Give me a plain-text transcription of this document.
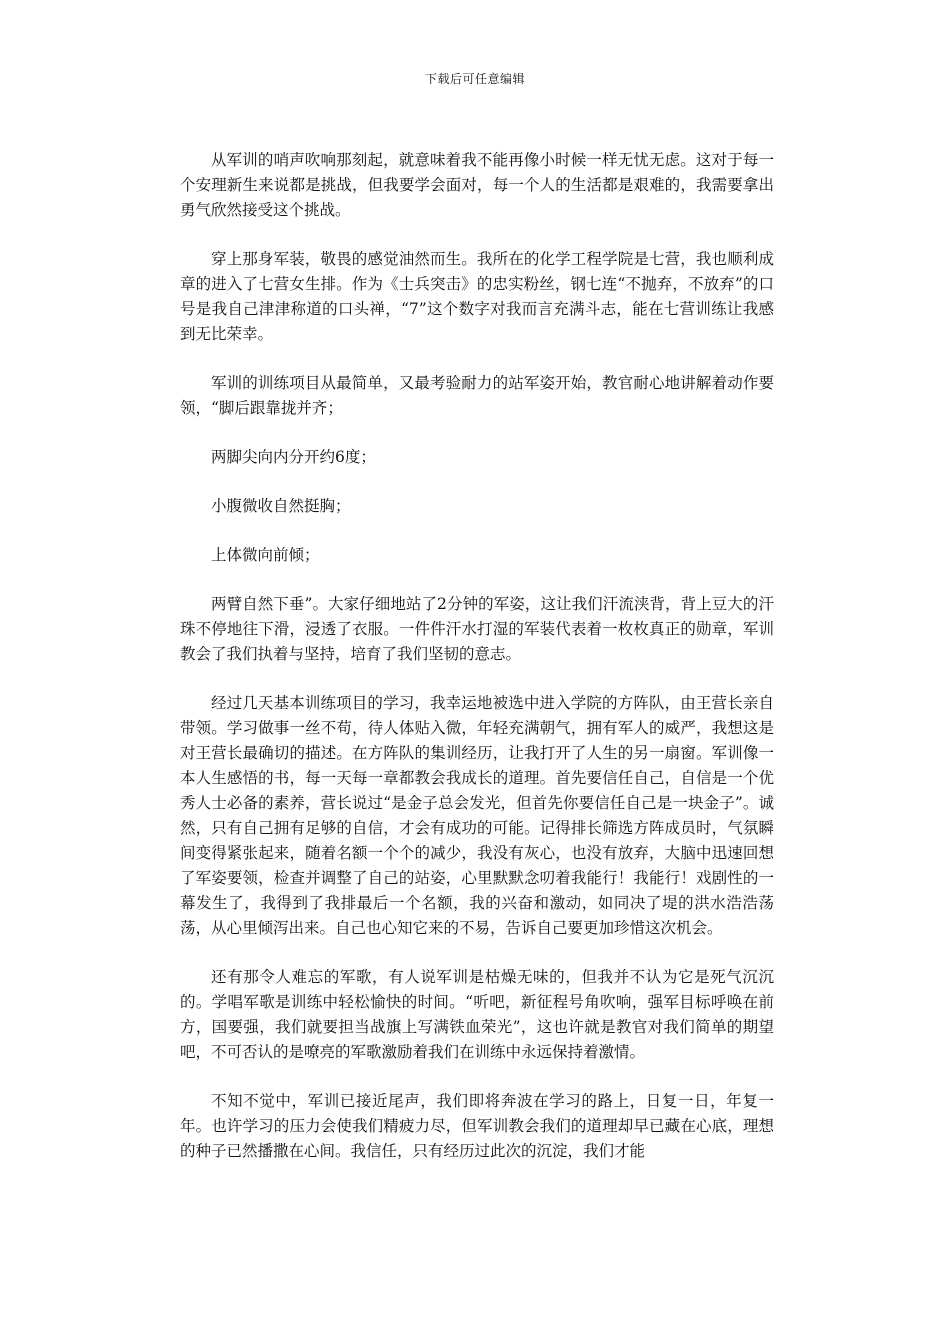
下载后可任意编辑

从军训的哨声吹响那刻起，就意味着我不能再像小时候一样无忧无虑。这对于每一个安理新生来说都是挑战，但我要学会面对，每一个人的生活都是艰难的，我需要拿出勇气欣然接受这个挑战。

穿上那身军装，敬畏的感觉油然而生。我所在的化学工程学院是七营，我也顺利成章的进入了七营女生排。作为《士兵突击》的忠实粉丝，钢七连“不抛弃，不放弃”的口号是我自己津津称道的口头禅，“7”这个数字对我而言充满斗志，能在七营训练让我感到无比荣幸。

军训的训练项目从最简单，又最考验耐力的站军姿开始，教官耐心地讲解着动作要领，“脚后跟靠拢并齐；

两脚尖向内分开约6度；

小腹微收自然挺胸；

上体微向前倾；

两臂自然下垂”。大家仔细地站了2分钟的军姿，这让我们汗流浃背，背上豆大的汗珠不停地往下滑，浸透了衣服。一件件汗水打湿的军装代表着一枚枚真正的勋章，军训教会了我们执着与坚持，培育了我们坚韧的意志。

经过几天基本训练项目的学习，我幸运地被选中进入学院的方阵队，由王营长亲自带领。学习做事一丝不苟，待人体贴入微，年轻充满朝气，拥有军人的威严，我想这是对王营长最确切的描述。在方阵队的集训经历，让我打开了人生的另一扇窗。军训像一本人生感悟的书，每一天每一章都教会我成长的道理。首先要信任自己，自信是一个优秀人士必备的素养，营长说过“是金子总会发光，但首先你要信任自己是一块金子”。诚然，只有自己拥有足够的自信，才会有成功的可能。记得排长筛选方阵成员时，气氛瞬间变得紧张起来，随着名额一个个的减少，我没有灰心，也没有放弃，大脑中迅速回想了军姿要领，检查并调整了自己的站姿，心里默默念叨着我能行！我能行！戏剧性的一幕发生了，我得到了我排最后一个名额，我的兴奋和激动，如同决了堤的洪水浩浩荡荡，从心里倾泻出来。自己也心知它来的不易，告诉自己要更加珍惜这次机会。

还有那令人难忘的军歌，有人说军训是枯燥无味的，但我并不认为它是死气沉沉的。学唱军歌是训练中轻松愉快的时间。“听吧，新征程号角吹响，强军目标呼唤在前方，国要强，我们就要担当战旗上写满铁血荣光”，这也许就是教官对我们简单的期望吧，不可否认的是嘹亮的军歌激励着我们在训练中永远保持着激情。

不知不觉中，军训已接近尾声，我们即将奔波在学习的路上，日复一日，年复一年。也许学习的压力会使我们精疲力尽，但军训教会我们的道理却早已藏在心底，理想的种子已然播撒在心间。我信任，只有经历过此次的沉淀，我们才能
